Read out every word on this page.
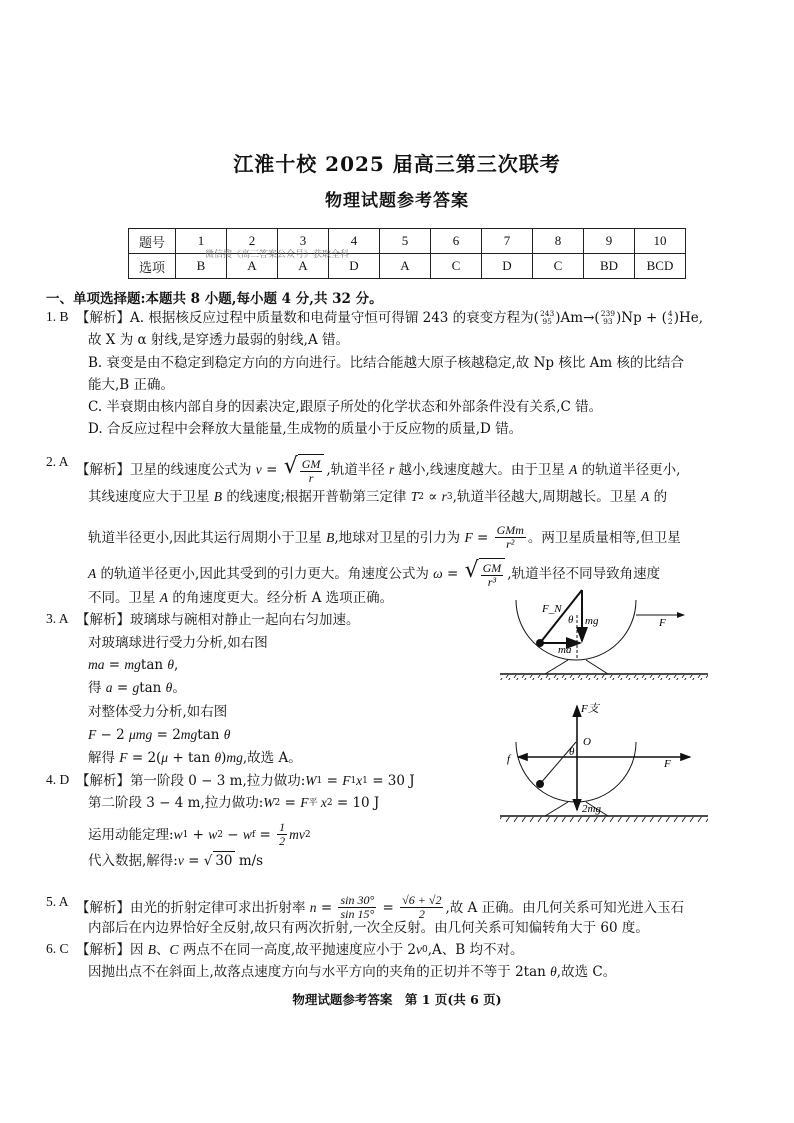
江淮十校 2025 届高三第三次联考
物理试题参考答案
题号	1	2	3	4	5	6	7	8	9	10
选项	B	A	A	D	A	C	D	C	BD	BCD
微信搜《高三答案公众号》获取全科
一、单项选择题:本题共 8 小题,每小题 4 分,共 32 分。
1. B 【解析】A. 根据核反应过程中质量数和电荷量守恒可得镅 243 的衰变方程为( 243
95 )Am→( 239
93 )Np + ( 4
2 )He,
故 X 为 α 射线,是穿透力最弱的射线,A 错。
B. 衰变是由不稳定到稳定方向的方向进行。比结合能越大原子核越稳定,故 Np 核比 Am 核的比结合
能大,B 正确。
C. 半衰期由核内部自身的因素决定,跟原子所处的化学状态和外部条件没有关系,C 错。
D. 合反应过程中会释放大量能量,生成物的质量小于反应物的质量,D 错。
2. A 【解析】卫星的线速度公式为 v = √ $\frac{GM}{r}$ ,轨道半径 r 越小,线速度越大。由于卫星 A 的轨道半径更小,
其线速度应大于卫星 B 的线速度;根据开普勒第三定律 T 2 ∝ r 3 ,轨道半径越大,周期越长。卫星 A 的
轨道半径更小,因此其运行周期小于卫星 B ,地球对卫星的引力为 $F = \frac{\text{GMm}}{\text{r²}}$ 。两卫星质量相等,但卫星
A 的轨道半径更小,因此其受到的引力更大。角速度公式为 ω = √ $\frac{GM}{\text{r³}}$ ,轨道半径不同导致角速度
不同。卫星 A 的角速度更大。经分析 A 选项正确。
3. A 【解析】玻璃球与碗相对静止一起向右匀加速。
对玻璃球进行受力分析,如右图
ma = mg tan θ ,
得 a = g tan θ 。
对整体受力分析,如右图
F − 2 μmg = 2 mg tan θ
解得 F = 2( μ + tan θ ) mg ,故选 A。
4. D 【解析】第一阶段 0 − 3 m,拉力做功: W 1 = F 1 x 1 = 30 J
第二阶段 3 − 4 m,拉力做功: W 2 = F 平 x 2 = 10 J
运用动能定理: w 1 + w 2 − w $f = \frac{1}{2}$ mv 2
代入数据,解得: v = √ 30 m/s
5. A 【解析】由光的折射定律可求出折射率 $n = \frac{\sin 30^\circ}{\sin 15^\circ} = \frac{√6 + √2}{2}$ ,故 A 正确。由几何关系可知光进入玉石
内部后在内边界恰好全反射,故只有两次折射,一次全反射。由几何关系可知偏转角大于 60 度。
6. C 【解析】因 B 、 C 两点不在同一高度,故平抛速度应小于 2 v 0 ,A、B 均不对。
因抛出点不在斜面上,故落点速度方向与水平方向的夹角的正切并不等于 2tan θ ,故选 C。
F_N
θ mg
ma
F
F支
O
θ
f	F
2mg
物理试题参考答案　第 1 页(共 6 页)
